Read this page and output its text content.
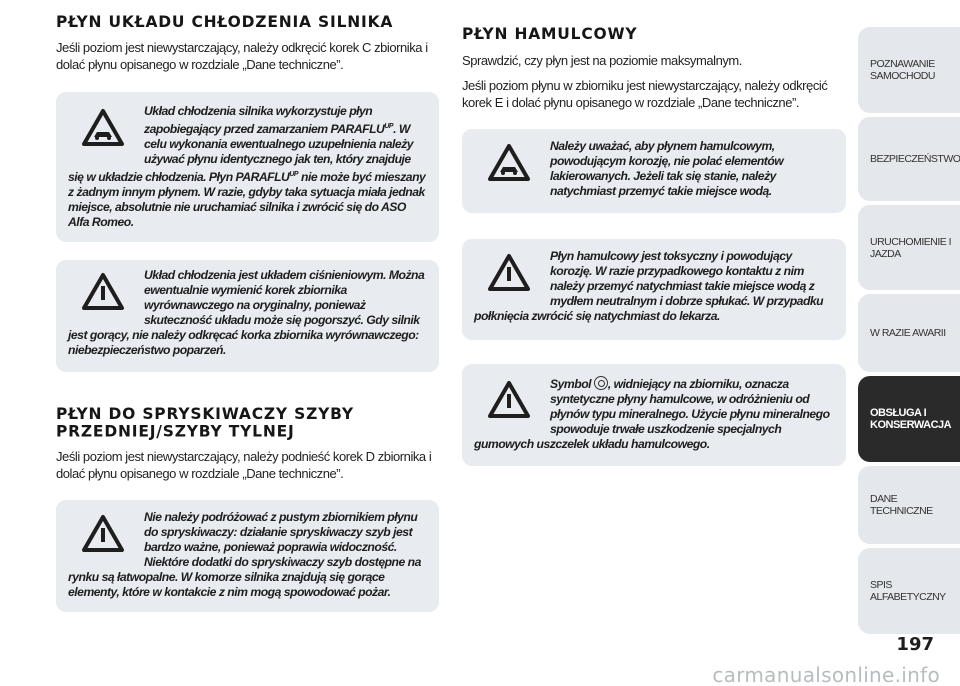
PŁYN UKŁADU CHŁODZENIA SILNIKA

Jeśli poziom jest niewystarczający, należy odkręcić korek C zbiornika i dolać płynu opisanego w rozdziale „Dane techniczne”.

Układ chłodzenia silnika wykorzystuje płyn zapobiegający przed zamarzaniem $PARAFLU^{UP}$. W celu wykonania ewentualnego uzupełnienia należy używać płynu identycznego jak ten, który znajduje się w układzie chłodzenia. Płyn $PARAFLU^{UP}$ nie może być mieszany z żadnym innym płynem. W razie, gdyby taka sytuacja miała jednak miejsce, absolutnie nie uruchamiać silnika i zwrócić się do ASO Alfa Romeo.
Układ chłodzenia jest układem ciśnieniowym. Można ewentualnie wymienić korek zbiornika wyrównawczego na oryginalny, ponieważ skuteczność układu może się pogorszyć. Gdy silnik jest gorący, nie należy odkręcać korka zbiornika wyrównawczego: niebezpieczeństwo poparzeń.
PŁYN DO SPRYSKIWACZY SZYBY PRZEDNIEJ/SZYBY TYLNEJ

Jeśli poziom jest niewystarczający, należy podnieść korek D zbiornika i dolać płynu opisanego w rozdziale „Dane techniczne”.

Nie należy podróżować z pustym zbiornikiem płynu do spryskiwaczy: działanie spryskiwaczy szyb jest bardzo ważne, ponieważ poprawia widoczność. Niektóre dodatki do spryskiwaczy szyb dostępne na rynku są łatwopalne. W komorze silnika znajdują się gorące elementy, które w kontakcie z nim mogą spowodować pożar.
PŁYN HAMULCOWY

Sprawdzić, czy płyn jest na poziomie maksymalnym.

Jeśli poziom płynu w zbiorniku jest niewystarczający, należy odkręcić korek E i dolać płynu opisanego w rozdziale „Dane techniczne”.

Należy uważać, aby płynem hamulcowym, powodującym korozję, nie polać elementów lakierowanych. Jeżeli tak się stanie, należy natychmiast przemyć takie miejsce wodą.
Płyn hamulcowy jest toksyczny i powodujący korozję. W razie przypadkowego kontaktu z nim należy przemyć natychmiast takie miejsce wodą z mydłem neutralnym i dobrze spłukać. W przypadku połknięcia zwrócić się natychmiast do lekarza.
Symbol , widniejący na zbiorniku, oznacza syntetyczne płyny hamulcowe, w odróżnieniu od płynów typu mineralnego. Użycie płynu mineralnego spowoduje trwałe uszkodzenie specjalnych gumowych uszczelek układu hamulcowego.
POZNAWANIE SAMOCHODU
BEZPIECZEŃSTWO
URUCHOMIENIE I JAZDA
W RAZIE AWARII
OBSŁUGA I KONSERWACJA
DANE TECHNICZNE
SPIS ALFABETYCZNY
197
carmanualsonline.info
